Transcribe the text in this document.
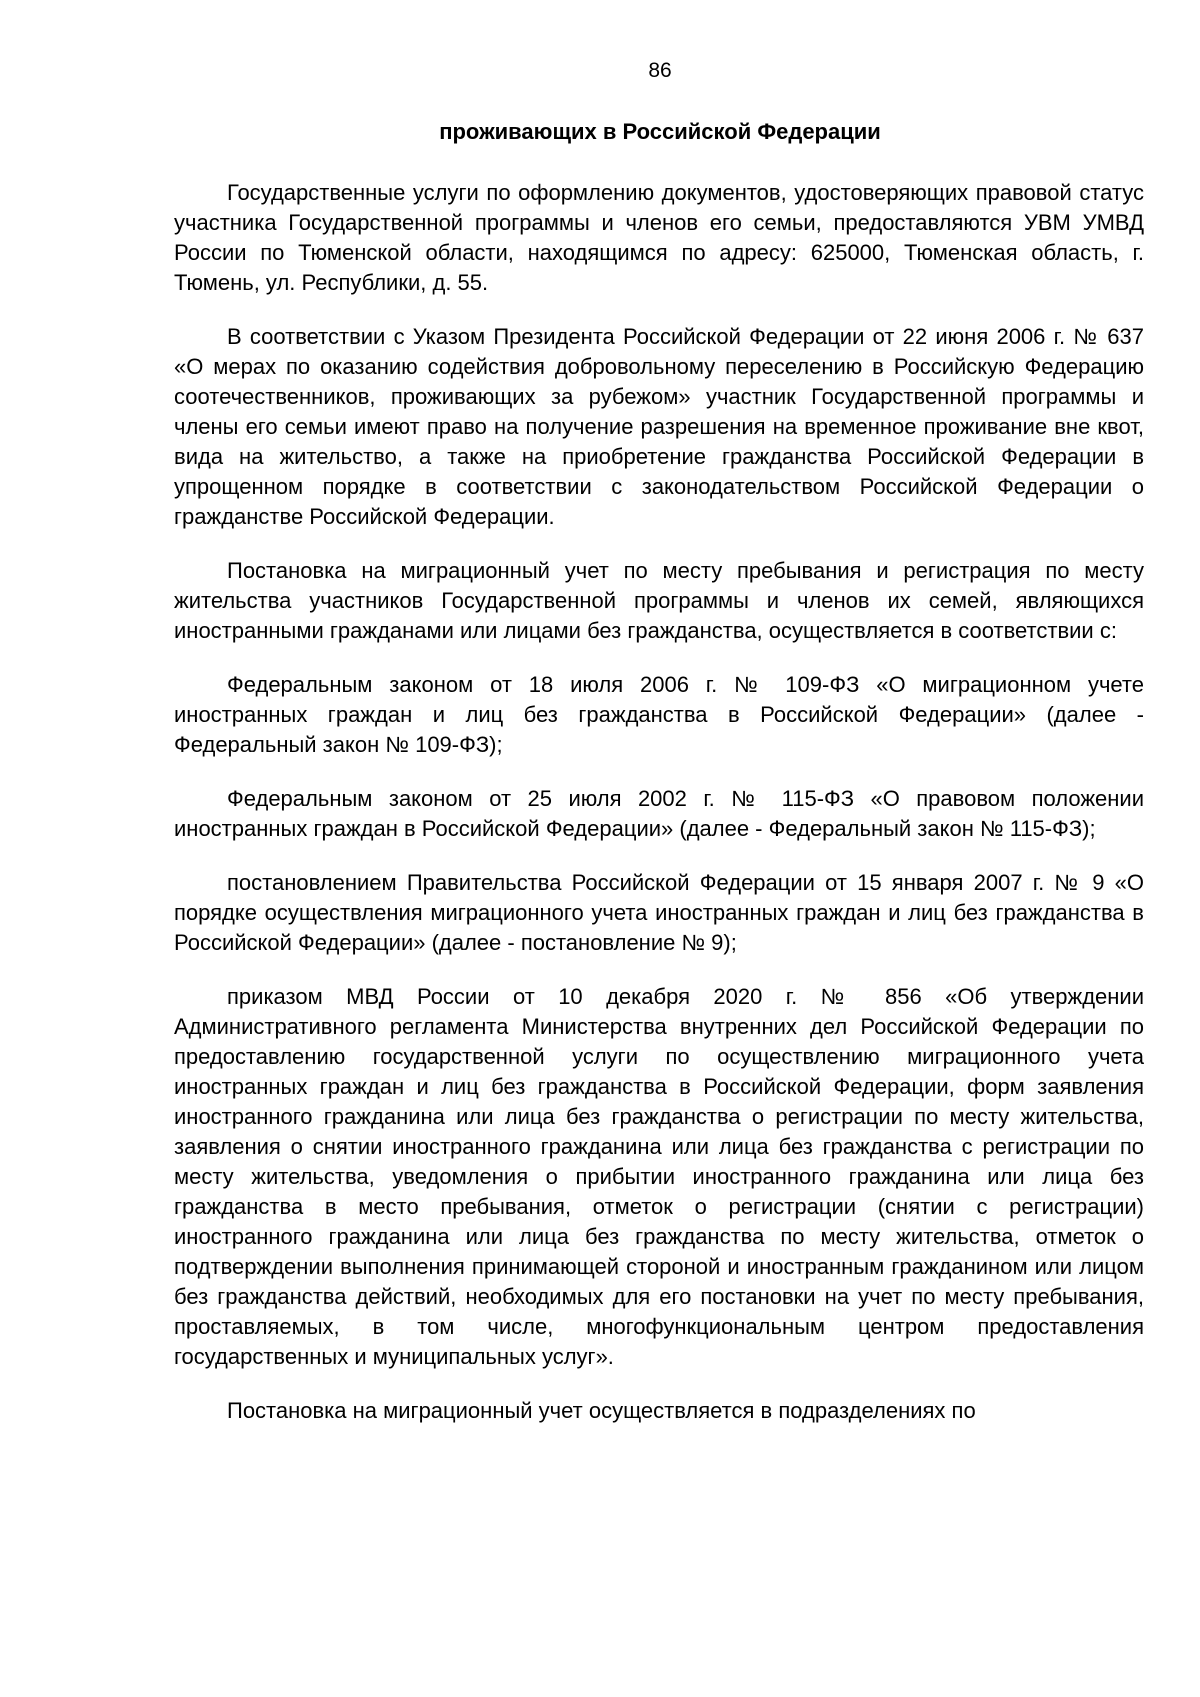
86
проживающих в Российской Федерации

Государственные услуги по оформлению документов, удостоверяющих правовой статус участника Государственной программы и членов его семьи, предоставляются УВМ УМВД России по Тюменской области, находящимся по адресу: 625000, Тюменская область, г. Тюмень, ул. Республики, д. 55.

В соответствии с Указом Президента Российской Федерации от 22 июня 2006 г. № 637 «О мерах по оказанию содействия добровольному переселению в Российскую Федерацию соотечественников, проживающих за рубежом» участник Государственной программы и члены его семьи имеют право на получение разрешения на временное проживание вне квот, вида на жительство, а также на приобретение гражданства Российской Федерации в упрощенном порядке в соответствии с законодательством Российской Федерации о гражданстве Российской Федерации.

Постановка на миграционный учет по месту пребывания и регистрация по месту жительства участников Государственной программы и членов их семей, являющихся иностранными гражданами или лицами без гражданства, осуществляется в соответствии с:

Федеральным законом от 18 июля 2006 г. № 109-ФЗ «О миграционном учете иностранных граждан и лиц без гражданства в Российской Федерации» (далее - Федеральный закон № 109-ФЗ);

Федеральным законом от 25 июля 2002 г. № 115-ФЗ «О правовом положении иностранных граждан в Российской Федерации» (далее - Федеральный закон № 115-ФЗ);

постановлением Правительства Российской Федерации от 15 января 2007 г. № 9 «О порядке осуществления миграционного учета иностранных граждан и лиц без гражданства в Российской Федерации» (далее - постановление № 9);

приказом МВД России от 10 декабря 2020 г. № 856 «Об утверждении Административного регламента Министерства внутренних дел Российской Федерации по предоставлению государственной услуги по осуществлению миграционного учета иностранных граждан и лиц без гражданства в Российской Федерации, форм заявления иностранного гражданина или лица без гражданства о регистрации по месту жительства, заявления о снятии иностранного гражданина или лица без гражданства с регистрации по месту жительства, уведомления о прибытии иностранного гражданина или лица без гражданства в место пребывания, отметок о регистрации (снятии с регистрации) иностранного гражданина или лица без гражданства по месту жительства, отметок о подтверждении выполнения принимающей стороной и иностранным гражданином или лицом без гражданства действий, необходимых для его постановки на учет по месту пребывания, проставляемых, в том числе, многофункциональным центром предоставления государственных и муниципальных услуг».

Постановка на миграционный учет осуществляется в подразделениях по
